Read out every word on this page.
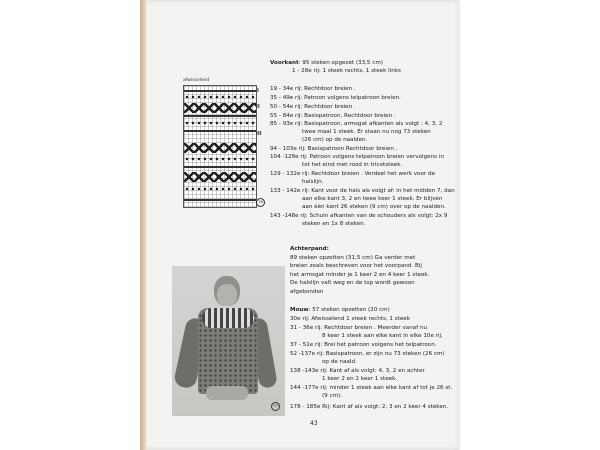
afwisselend
I
II
III
76
Voorkant: 95 steken opgezet (33,5 cm)
1 - 28e rij: 1 steek rechts, 1 steek links
19 - 34e rij: Rechtdoor breien .
35 - 49e rij: Patroon volgens telpatroon breien.
50 - 54e rij: Rechtdoor breien .
55 - 84e rij: Basispatroon, Rechtdoor breien .
85 - 93e rij: Basispatroon, armsgat afkanten als volgt : 4, 3, 2
twee maal 1 steek. Er staan nu nog 73 steken
(26 cm) op de naalden.
94 - 103e rij: Basispatroon Rechtdoor breien .
104 -128e rij: Patroon volgens telpatroon breien vervolgens in
tot het eind met rood in tricotsteek.
129 - 132e rij: Rechtdoor breien . Verdeel het werk voor de
halslijn.
133 - 142e rij: Kant voor de hals als volgt af: in het midden 7, dan
aan elke kant 3, 2 en twee keer 1 steek. Er blijven
aan één kant 26 steken (9 cm) over op de naalden.
143 -148e rij: Schuin afkanten van de schouders als volgt: 2x 9
steken en 1x 8 steken.
Achterpand:
89 steken opzetten (31,5 cm) Ga verder met
breien zoals beschreven voor het voorpand. Bij
het armsgat minder je 1 keer 2 en 4 keer 1 steek.
De halslijn valt weg en de top wordt gewoon
afgebonden
Mouw: 57 steken opzetten (20 cm)
30e rij: Afwisselend 1 steek rechts, 1 steek
31 - 36e rij: Rechtdoor breien . Meerder vanaf nu
8 keer 1 steek aan elke kant in elke 10e rij.
37 - 51e rij: Brei het patroon volgens het telpatroon.
52 -137e rij: Basispatroon, er zijn nu 73 steken (26 cm)
op de naald.
138 -143e rij: Kant af als volgt: 4, 3, 2 en achter
1 keer 2 en 2 keer 1 steek.
144 -177e rij: minder 1 steek aan elke kant af tot je 26 st.
(9 cm).
178 - 185e Rij: Kant af als volgt: 2, 3 en 2 keer 4 steken.
77
43
